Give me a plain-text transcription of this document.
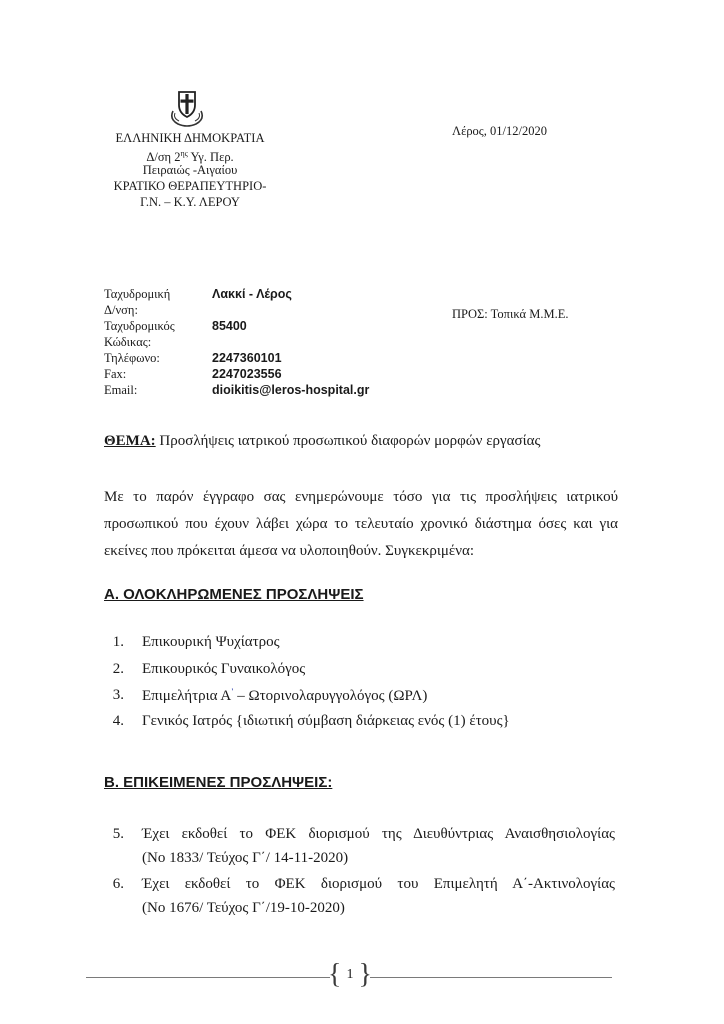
ΕΛΛΗΝΙΚΗ ΔΗΜΟΚΡΑΤΙΑ
Δ/ση $2^{\eta\varsigma}$ Υγ. Περ.
Πειραιώς -Αιγαίου
ΚΡΑΤΙΚΟ ΘΕΡΑΠΕΥΤΗΡΙΟ-
Γ.Ν. – Κ.Υ. ΛΕΡΟΥ
Λέρος, 01/12/2020
Ταχυδρομική
Δ/νση:
Ταχυδρομικός
Κώδικας:
Τηλέφωνο:
Fax:
Email:
Λακκί - Λέρος
85400
2247360101
2247023556
dioikitis@leros-hospital.gr
ΠΡΟΣ: Τοπικά Μ.Μ.Ε.
ΘΕΜΑ: Προσλήψεις ιατρικού προσωπικού διαφορών μορφών εργασίας
Με το παρόν έγγραφο σας ενημερώνουμε τόσο για τις προσλήψεις ιατρικού προσωπικού που έχουν λάβει χώρα το τελευταίο χρονικό διάστημα όσες και για εκείνες που πρόκειται άμεσα να υλοποιηθούν. Συγκεκριμένα:
Α. ΟΛΟΚΛΗΡΩΜΕΝΕΣ ΠΡΟΣΛΗΨΕΙΣ
1. Επικουρική Ψυχίατρος
2. Επικουρικός Γυναικολόγος
3. Επιμελήτρια Α' – Ωτορινολαρυγγολόγος (ΩΡΛ)
4. Γενικός Ιατρός {ιδιωτική σύμβαση διάρκειας ενός (1) έτους}
Β. ΕΠΙΚΕΙΜΕΝΕΣ ΠΡΟΣΛΗΨΕΙΣ:
5. Έχει εκδοθεί το ΦΕΚ διορισμού της Διευθύντριας Αναισθησιολογίας
(Νο 1833/ Τεύχος Γ΄/ 14-11-2020)
6. Έχει εκδοθεί το ΦΕΚ διορισμού του Επιμελητή Α΄-Ακτινολογίας
(Νο 1676/ Τεύχος Γ΄/19-10-2020)
{ 1 }
